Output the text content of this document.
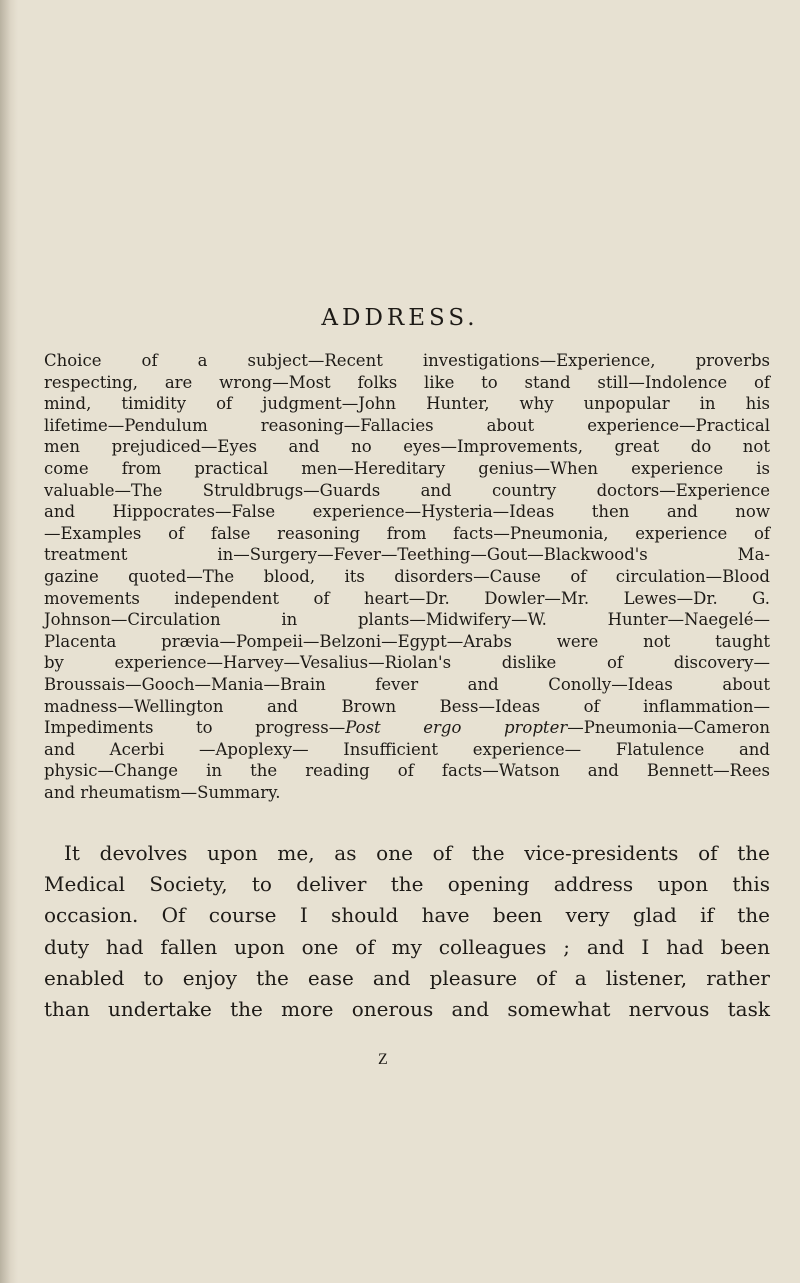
ADDRESS.
Choice of a subject—Recent investigations—Experience, proverbs
respecting, are wrong—Most folks like to stand still—Indolence of
mind, timidity of judgment—John Hunter, why unpopular in his
lifetime—Pendulum reasoning—Fallacies about experience—Practical
men prejudiced—Eyes and no eyes—Improvements, great do not
come from practical men—Hereditary genius—When experience is
valuable—The Struldbrugs—Guards and country doctors—Experience
and Hippocrates—False experience—Hysteria—Ideas then and now
—Examples of false reasoning from facts—Pneumonia, experience of
treatment in—Surgery—Fever—Teething—Gout—Blackwood's Ma-
gazine quoted—The blood, its disorders—Cause of circulation—Blood
movements independent of heart—Dr. Dowler—Mr. Lewes—Dr. G.
Johnson—Circulation in plants—Midwifery—W. Hunter—Naegelé—
Placenta prævia—Pompeii—Belzoni—Egypt—Arabs were not taught
by experience—Harvey—Vesalius—Riolan's dislike of discovery—
Broussais—Gooch—Mania—Brain fever and Conolly—Ideas about
madness—Wellington and Brown Bess—Ideas of inflammation—
Impediments to progress—Post ergo propter—Pneumonia—Cameron
and Acerbi —Apoplexy— Insufficient experience— Flatulence and
physic—Change in the reading of facts—Watson and Bennett—Rees
and rheumatism—Summary.
It devolves upon me, as one of the vice-presidents of the
Medical Society, to deliver the opening address upon this
occasion. Of course I should have been very glad if the
duty had fallen upon one of my colleagues ; and I had been
enabled to enjoy the ease and pleasure of a listener, rather
than undertake the more onerous and somewhat nervous task
Z
